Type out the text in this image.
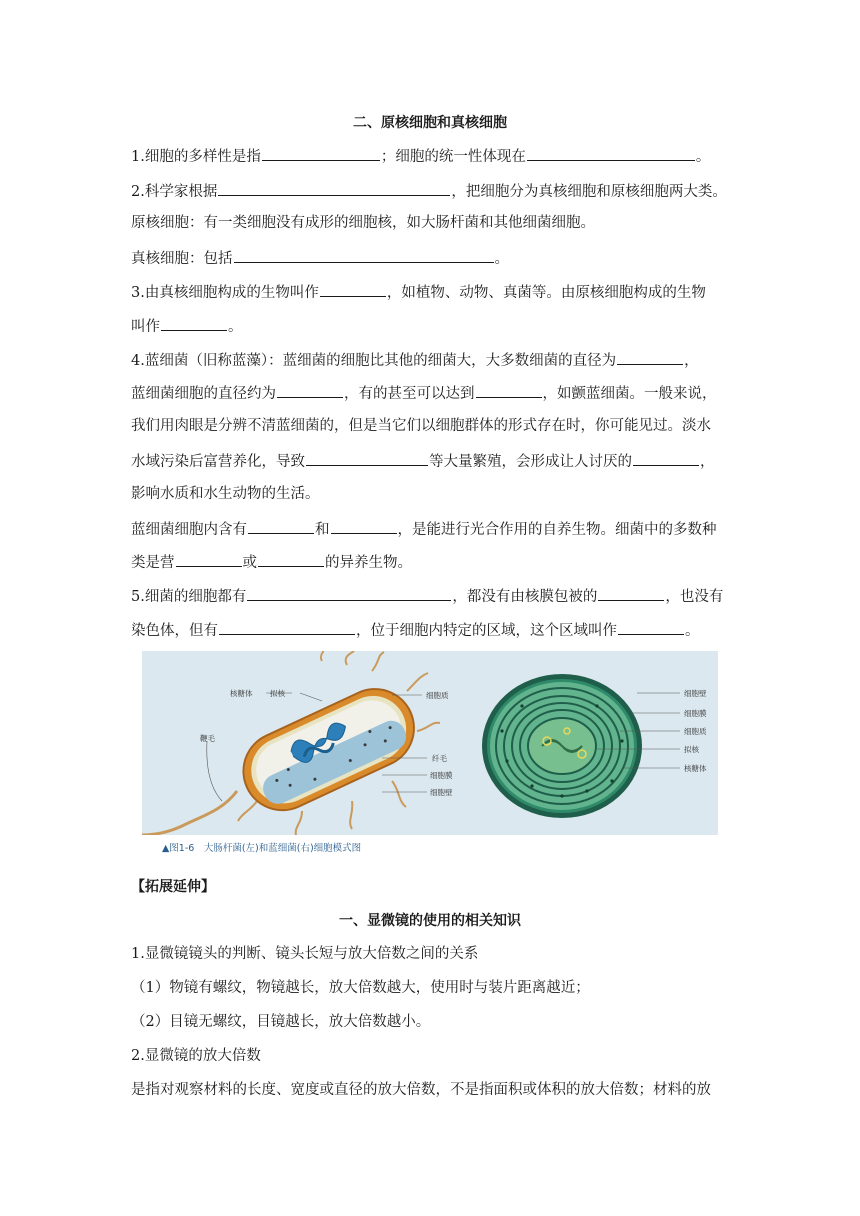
二、原核细胞和真核细胞
1.细胞的多样性是指	；细胞的统一性体现在	。
2.科学家根据	，把细胞分为真核细胞和原核细胞两大类。
原核细胞：有一类细胞没有成形的细胞核，如大肠杆菌和其他细菌细胞。
真核细胞：包括	。
3.由真核细胞构成的生物叫作	，如植物、动物、真菌等。由原核细胞构成的生物
叫作	。
4.蓝细菌（旧称蓝藻）：蓝细菌的细胞比其他的细菌大，大多数细菌的直径为	，
蓝细菌细胞的直径约为	，有的甚至可以达到	，如颤蓝细菌。一般来说，
我们用肉眼是分辨不清蓝细菌的，但是当它们以细胞群体的形式存在时，你可能见过。淡水
水域污染后富营养化，导致	等大量繁殖，会形成让人讨厌的	，
影响水质和水生动物的生活。
蓝细菌细胞内含有	和	，是能进行光合作用的自养生物。细菌中的多数种
类是营	或	的异养生物。
5.细菌的细胞都有	，都没有由核膜包被的	，也没有
染色体，但有	，位于细胞内特定的区域，这个区域叫作	。
核糖体 拟核	细胞质
鞭毛
纤毛
细胞膜
细胞壁
细胞壁
细胞膜
细胞质
拟核
核糖体
▲图1-6　大肠杆菌(左)和蓝细菌(右)细胞模式图
【拓展延伸】
一、显微镜的使用的相关知识
1.显微镜镜头的判断、镜头长短与放大倍数之间的关系
（1）物镜有螺纹，物镜越长，放大倍数越大，使用时与装片距离越近；
（2）目镜无螺纹，目镜越长，放大倍数越小。
2.显微镜的放大倍数
是指对观察材料的长度、宽度或直径的放大倍数，不是指面积或体积的放大倍数；材料的放
